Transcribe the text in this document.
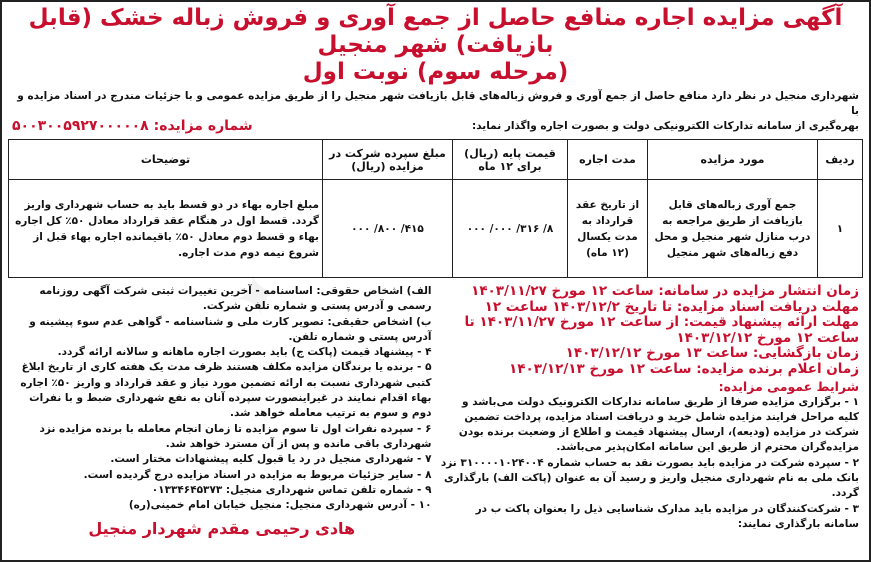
✦
آگهی مزایده اجاره منافع حاصل از جمع آوری و فروش زباله خشک (قابل بازیافت) شهر منجیل
(مرحله سوم) نوبت اول
شهرداری منجیل در نظر دارد منافع حاصل از جمع آوری و فروش زباله‌های قابل بازیافت شهر منجیل را از طریق مزایده عمومی و با جزئیات مندرج در اسناد مزایده و با
بهره‌گیری از سامانه تدارکات الکترونیکی دولت و بصورت اجاره واگذار نماید:
شماره مزایده: ۵۰۰۳۰۰۵۹۲۷۰۰۰۰۰۸
ردیف	مورد مزایده	مدت اجاره	قیمت پایه (ریال) برای ۱۲ ماه	مبلغ سپرده شرکت در مزایده (ریال)	توضیحات
۱	جمع آوری زباله‌های قابل بازیافت از طریق مراجعه به درب منازل شهر منجیل و محل دفع زباله‌های شهر منجیل	از تاریخ عقد قرارداد به مدت یکسال (۱۲ ماه)	۸/ ۳۱۶/ ۰۰۰/ ۰۰۰	۴۱۵/ ۸۰۰/ ۰۰۰	مبلغ اجاره بهاء در دو قسط باید به حساب شهرداری واریز گردد. قسط اول در هنگام عقد قرارداد معادل ۵۰٪ کل اجاره بهاء و قسط دوم معادل ۵۰٪ باقیمانده اجاره بهاء قبل از شروع نیمه دوم مدت اجاره.
زمان انتشار مزایده در سامانه: ساعت ۱۲ مورخ ۱۴۰۳/۱۱/۲۷
مهلت دریافت اسناد مزایده: تا تاریخ ۱۴۰۳/۱۲/۲ ساعت ۱۲
مهلت ارائه پیشنهاد قیمت: از ساعت ۱۲ مورخ ۱۴۰۳/۱۱/۲۷ تا ساعت ۱۲ مورخ ۱۴۰۳/۱۲/۱۲
زمان بازگشایی: ساعت ۱۳ مورخ ۱۴۰۳/۱۲/۱۲
زمان اعلام برنده مزایده: ساعت ۱۲ مورخ ۱۴۰۳/۱۲/۱۳
شرایط عمومی مزایده:
۱ - برگزاری مزایده صرفا از طریق سامانه تدارکات الکترونیک دولت می‌باشد و کلیه مراحل فرایند مزایده شامل خرید و دریافت اسناد مزایده، پرداخت تضمین شرکت در مزایده (ودیعه)، ارسال پیشنهاد قیمت و اطلاع از وضعیت برنده بودن مزایده‌گران محترم از طریق این سامانه امکان‌پذیر می‌باشد.
۲ - سپرده شرکت در مزایده باید بصورت نقد به حساب شماره ۳۱۰۰۰۰۱۰۲۴۰۰۴ نزد بانک ملی به نام شهرداری منجیل واریز و رسید آن به عنوان (پاکت الف) بارگذاری گردد.
۳ - شرکت‌کنندگان در مزایده باید مدارک شناسایی ذیل را بعنوان پاکت ب در سامانه بارگذاری نمایند:
الف) اشخاص حقوقی: اساسنامه - آخرین تغییرات ثبتی شرکت آگهی روزنامه رسمی و آدرس پستی و شماره تلفن شرکت.
ب) اشخاص حقیقی: تصویر کارت ملی و شناسنامه - گواهی عدم سوء پیشینه و آدرس پستی و شماره تلفن.
۴ - پیشنهاد قیمت (پاکت ج) باید بصورت اجاره ماهانه و سالانه ارائه گردد.
۵ - برنده یا برندگان مزایده مکلف هستند ظرف مدت یک هفته کاری از تاریخ ابلاغ کتبی شهرداری نسبت به ارائه تضمین مورد نیاز و عقد قرارداد و واریز ۵۰٪ اجاره بهاء اقدام نمایند در غیراینصورت سپرده آنان به نفع شهرداری ضبط و با نفرات دوم و سوم به ترتیب معامله خواهد شد.
۶ - سپرده نفرات اول تا سوم مزایده تا زمان انجام معامله با برنده مزایده نزد شهرداری باقی مانده و پس از آن مسترد خواهد شد.
۷ - شهرداری منجیل در رد یا قبول کلیه پیشنهادات مختار است.
۸ - سایر جزئیات مربوط به مزایده در اسناد مزایده درج گردیده است.
۹ - شماره تلفن تماس شهرداری منجیل: ۰۱۳۳۴۶۴۵۳۷۳
۱۰ - آدرس شهرداری منجیل: منجیل خیابان امام خمینی(ره)
هادی رحیمی مقدم شهردار منجیل
